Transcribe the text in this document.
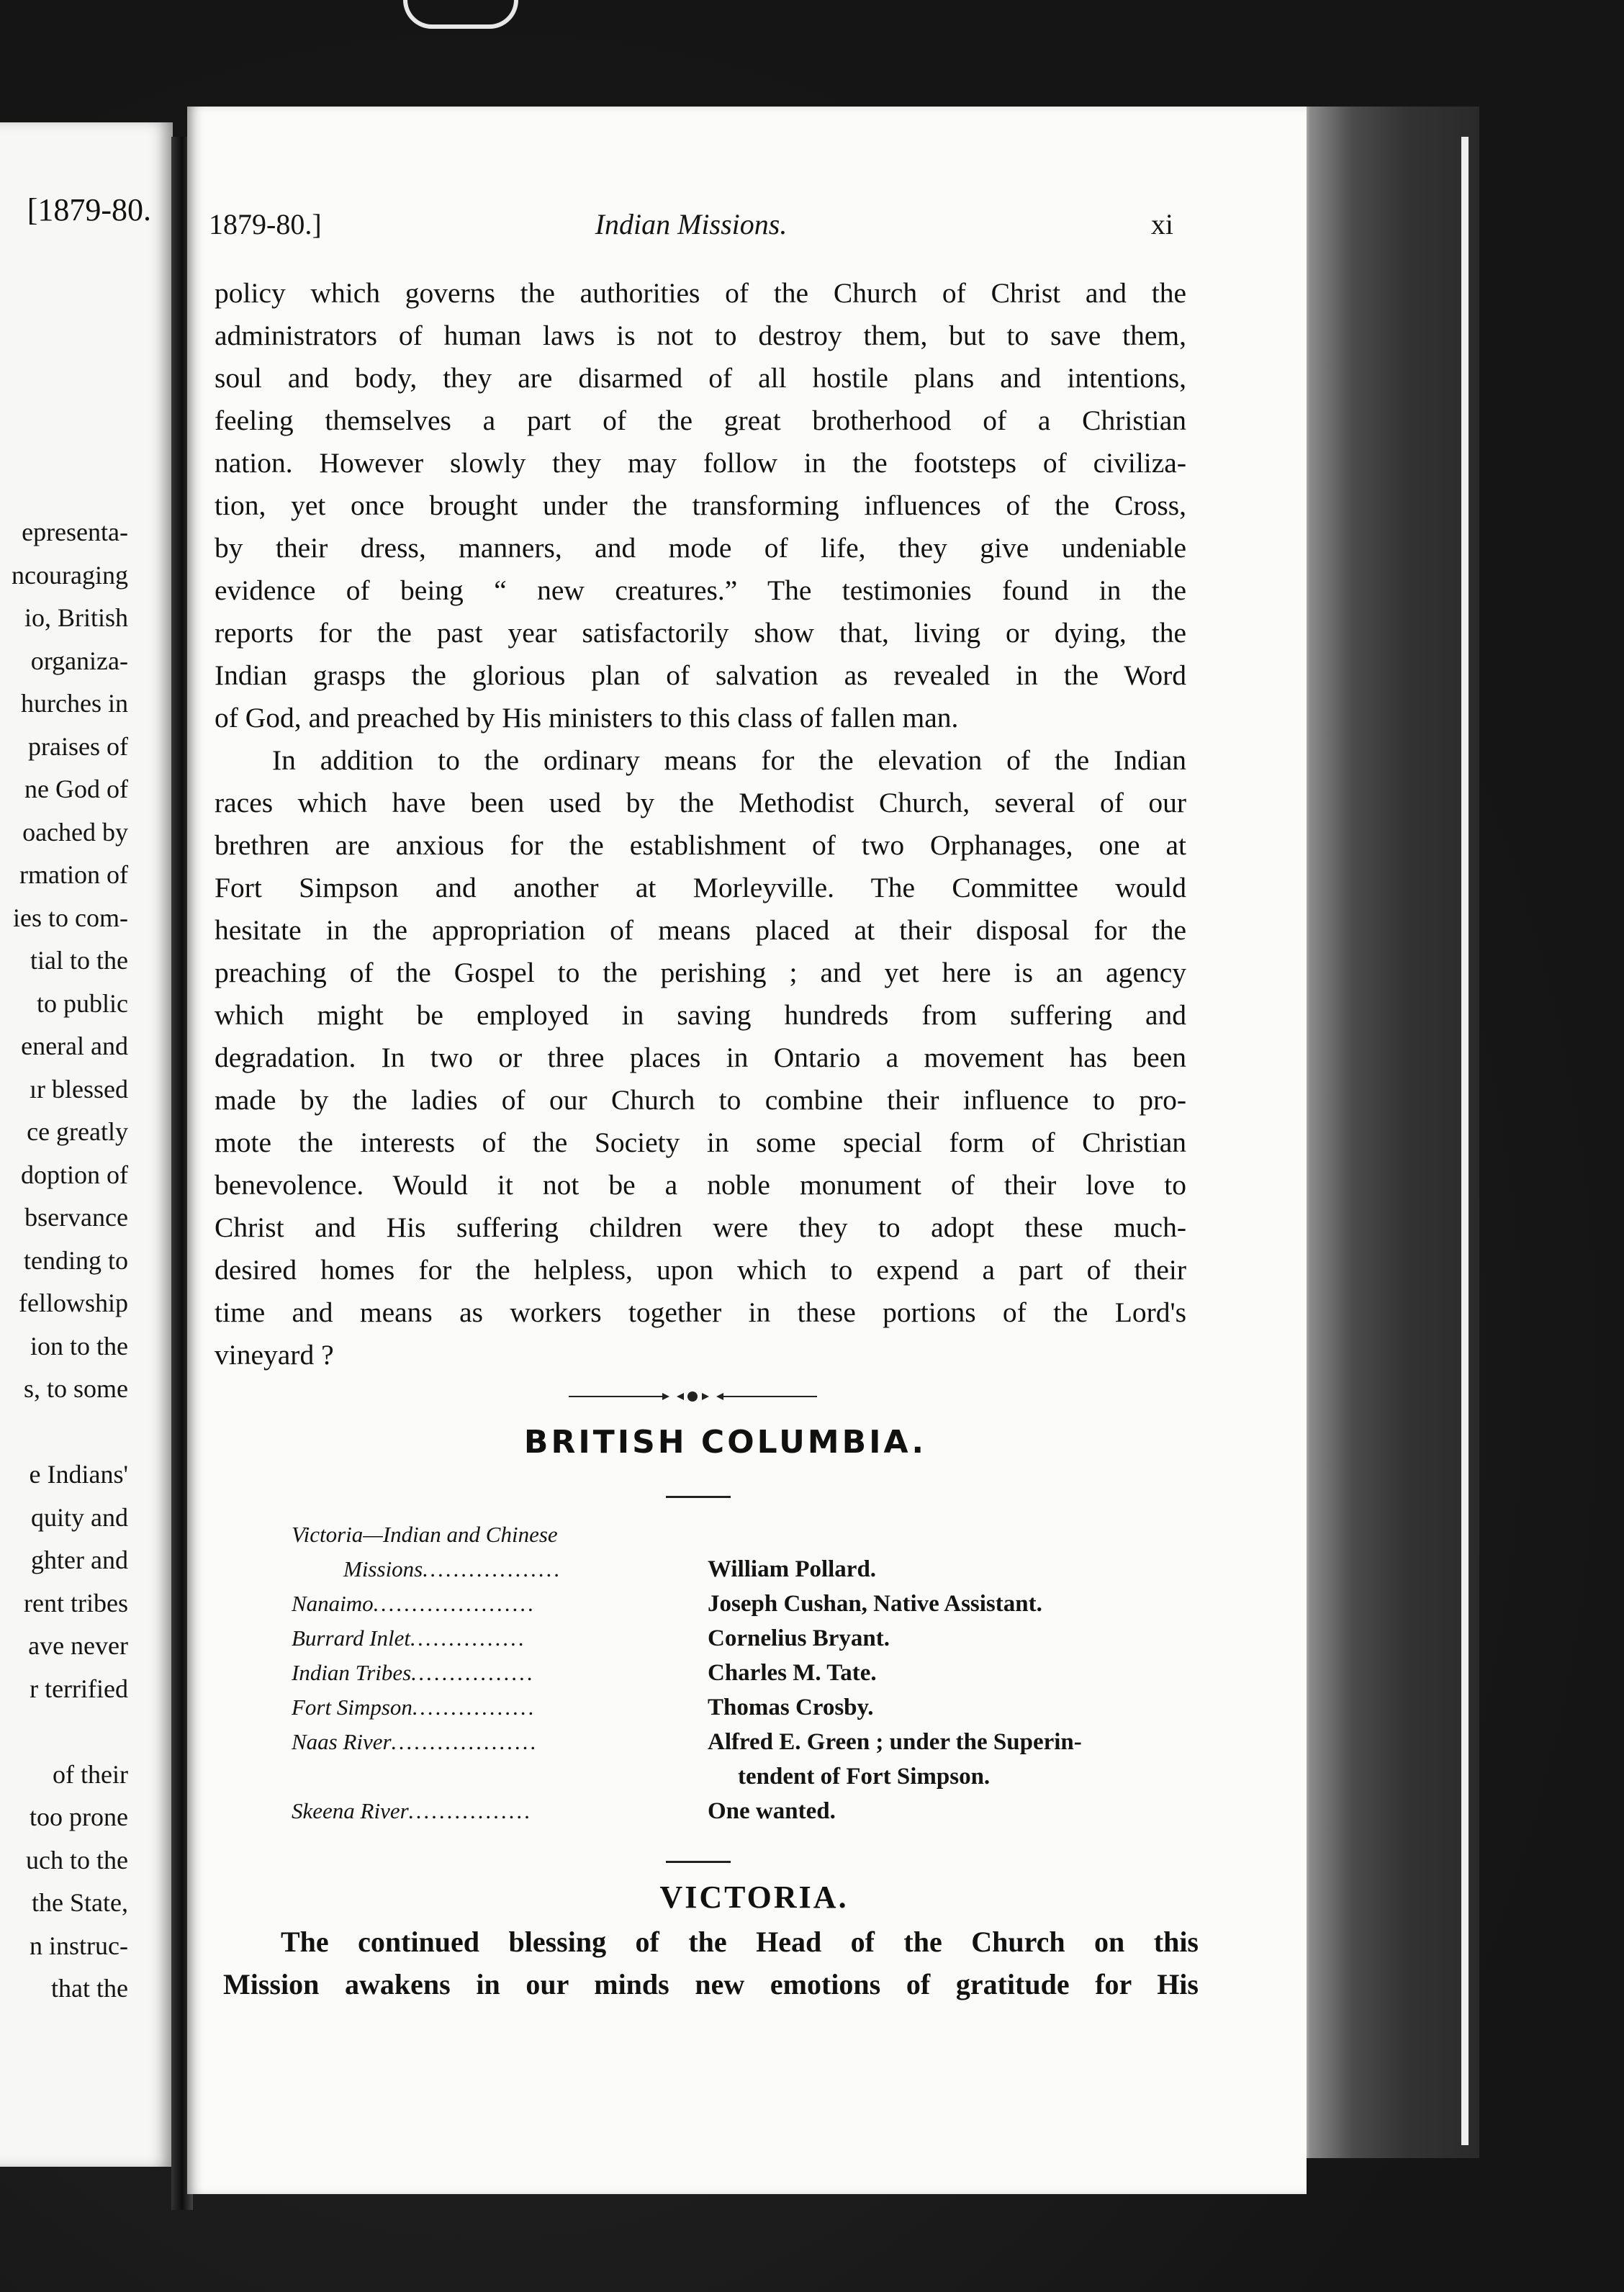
[1879-80.
epresenta-
ncouraging
io, British
organiza-
hurches in
praises of
ne God of
oached by
rmation of
ies to com-
tial to the
to public
eneral and
ır blessed
ce greatly
doption of
bservance
tending to
fellowship
ion to the
s, to some
e Indians'
quity and
ghter and
rent tribes
ave never
r terrified
of their
too prone
uch to the
the State,
n instruc-
that the
1879-80.]	Indian Missions.	xi
policy which governs the authorities of the Church of Christ and the
administrators of human laws is not to destroy them, but to save them,
soul and body, they are disarmed of all hostile plans and intentions,
feeling themselves a part of the great brotherhood of a Christian
nation. However slowly they may follow in the footsteps of civiliza-
tion, yet once brought under the transforming influences of the Cross,
by their dress, manners, and mode of life, they give undeniable
evidence of being “ new creatures.” The testimonies found in the
reports for the past year satisfactorily show that, living or dying, the
Indian grasps the glorious plan of salvation as revealed in the Word
of God, and preached by His ministers to this class of fallen man.
In addition to the ordinary means for the elevation of the Indian
races which have been used by the Methodist Church, several of our
brethren are anxious for the establishment of two Orphanages, one at
Fort Simpson and another at Morleyville. The Committee would
hesitate in the appropriation of means placed at their disposal for the
preaching of the Gospel to the perishing ; and yet here is an agency
which might be employed in saving hundreds from suffering and
degradation. In two or three places in Ontario a movement has been
made by the ladies of our Church to combine their influence to pro-
mote the interests of the Society in some special form of Christian
benevolence. Would it not be a noble monument of their love to
Christ and His suffering children were they to adopt these much-
desired homes for the helpless, upon which to expend a part of their
time and means as workers together in these portions of the Lord's
vineyard ?
BRITISH COLUMBIA.
Victoria—Indian and Chinese
Missions..................	William Pollard.
Nanaimo.....................	Joseph Cushan, Native Assistant.
Burrard Inlet...............	Cornelius Bryant.
Indian Tribes................	Charles M. Tate.
Fort Simpson................	Thomas Crosby.
Naas River...................	Alfred E. Green ; under the Superin-
tendent of Fort Simpson.
Skeena River................	One wanted.
VICTORIA.
The continued blessing of the Head of the Church on this
Mission awakens in our minds new emotions of gratitude for His
